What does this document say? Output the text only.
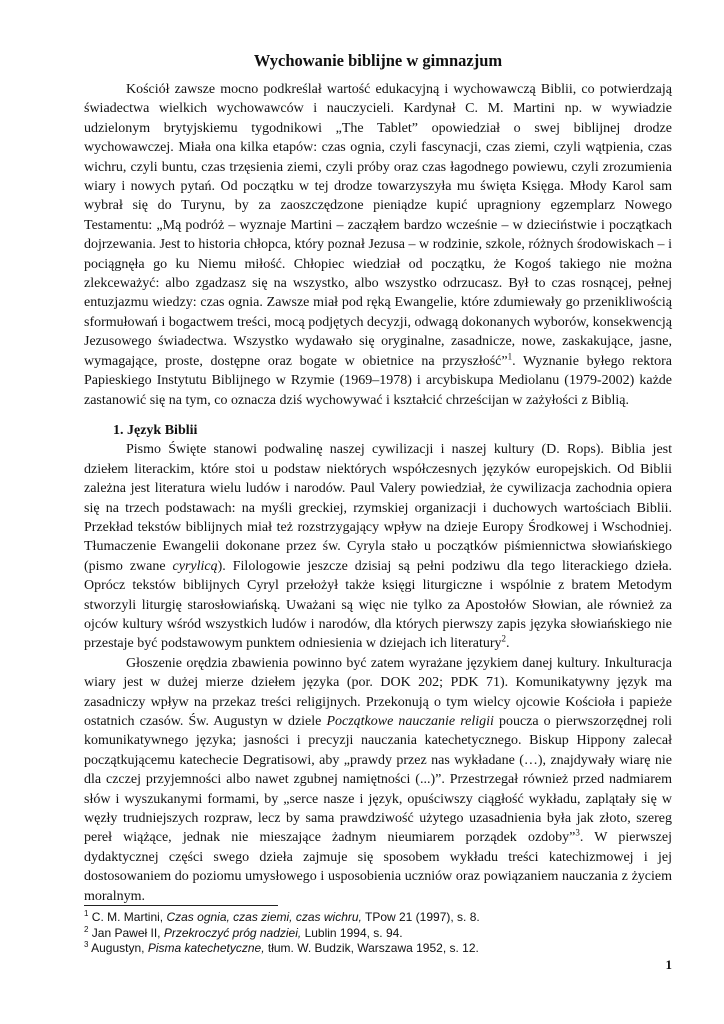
Wychowanie biblijne w gimnazjum

Kościół zawsze mocno podkreślał wartość edukacyjną i wychowawczą Biblii, co potwierdzają świadectwa wielkich wychowawców i nauczycieli. Kardynał C. M. Martini np. w wywiadzie udzielonym brytyjskiemu tygodnikowi „The Tablet” opowiedział o swej biblijnej drodze wychowawczej. Miała ona kilka etapów: czas ognia, czyli fascynacji, czas ziemi, czyli wątpienia, czas wichru, czyli buntu, czas trzęsienia ziemi, czyli próby oraz czas łagodnego powiewu, czyli zrozumienia wiary i nowych pytań. Od początku w tej drodze towarzyszyła mu święta Księga. Młody Karol sam wybrał się do Turynu, by za zaoszczędzone pieniądze kupić upragniony egzemplarz Nowego Testamentu: „Mą podróż – wyznaje Martini – zacząłem bardzo wcześnie – w dzieciństwie i początkach dojrzewania. Jest to historia chłopca, który poznał Jezusa – w rodzinie, szkole, różnych środowiskach – i pociągnęła go ku Niemu miłość. Chłopiec wiedział od początku, że Kogoś takiego nie można zlekceważyć: albo zgadzasz się na wszystko, albo wszystko odrzucasz. Był to czas rosnącej, pełnej entuzjazmu wiedzy: czas ognia. Zawsze miał pod ręką Ewangelie, które zdumiewały go przenikliwością sformułowań i bogactwem treści, mocą podjętych decyzji, odwagą dokonanych wyborów, konsekwencją Jezusowego świadectwa. Wszystko wydawało się oryginalne, zasadnicze, nowe, zaskakujące, jasne, wymagające, proste, dostępne oraz bogate w obietnice na przyszłość”$^1$. Wyznanie byłego rektora Papieskiego Instytutu Biblijnego w Rzymie (1969–1978) i arcybiskupa Mediolanu (1979-2002) każde zastanowić się na tym, co oznacza dziś wychowywać i kształcić chrześcijan w zażyłości z Biblią.

1. Język Biblii

Pismo Święte stanowi podwalinę naszej cywilizacji i naszej kultury (D. Rops). Biblia jest dziełem literackim, które stoi u podstaw niektórych współczesnych języków europejskich. Od Biblii zależna jest literatura wielu ludów i narodów. Paul Valery powiedział, że cywilizacja zachodnia opiera się na trzech podstawach: na myśli greckiej, rzymskiej organizacji i duchowych wartościach Biblii. Przekład tekstów biblijnych miał też rozstrzygający wpływ na dzieje Europy Środkowej i Wschodniej. Tłumaczenie Ewangelii dokonane przez św. Cyryla stało u początków piśmiennictwa słowiańskiego (pismo zwane cyrylicą). Filologowie jeszcze dzisiaj są pełni podziwu dla tego literackiego dzieła. Oprócz tekstów biblijnych Cyryl przełożył także księgi liturgiczne i wspólnie z bratem Metodym stworzyli liturgię starosłowiańską. Uważani są więc nie tylko za Apostołów Słowian, ale również za ojców kultury wśród wszystkich ludów i narodów, dla których pierwszy zapis języka słowiańskiego nie przestaje być podstawowym punktem odniesienia w dziejach ich literatury$^2$.

Głoszenie orędzia zbawienia powinno być zatem wyrażane językiem danej kultury. Inkulturacja wiary jest w dużej mierze dziełem języka (por. DOK 202; PDK 71). Komunikatywny język ma zasadniczy wpływ na przekaz treści religijnych. Przekonują o tym wielcy ojcowie Kościoła i papieże ostatnich czasów. Św. Augustyn w dziele Początkowe nauczanie religii poucza o pierwszorzędnej roli komunikatywnego języka; jasności i precyzji nauczania katechetycznego. Biskup Hippony zalecał początkującemu katechecie Degratisowi, aby „prawdy przez nas wykładane (…), znajdywały wiarę nie dla czczej przyjemności albo nawet zgubnej namiętności (...)”. Przestrzegał również przed nadmiarem słów i wyszukanymi formami, by „serce nasze i język, opuściwszy ciągłość wykładu, zaplątały się w węzły trudniejszych rozpraw, lecz by sama prawdziwość użytego uzasadnienia była jak złoto, szereg pereł wiążące, jednak nie mieszające żadnym nieumiarem porządek ozdoby”$^3$. W pierwszej dydaktycznej części swego dzieła zajmuje się sposobem wykładu treści katechizmowej i jej dostosowaniem do poziomu umysłowego i usposobienia uczniów oraz powiązaniem nauczania z życiem moralnym.

$^1$ C. M. Martini, Czas ognia, czas ziemi, czas wichru, TPow 21 (1997), s. 8.

$^2$ Jan Paweł II, Przekroczyć próg nadziei, Lublin 1994, s. 94.

$^3$ Augustyn, Pisma katechetyczne, tłum. W. Budzik, Warszawa 1952, s. 12.

1
